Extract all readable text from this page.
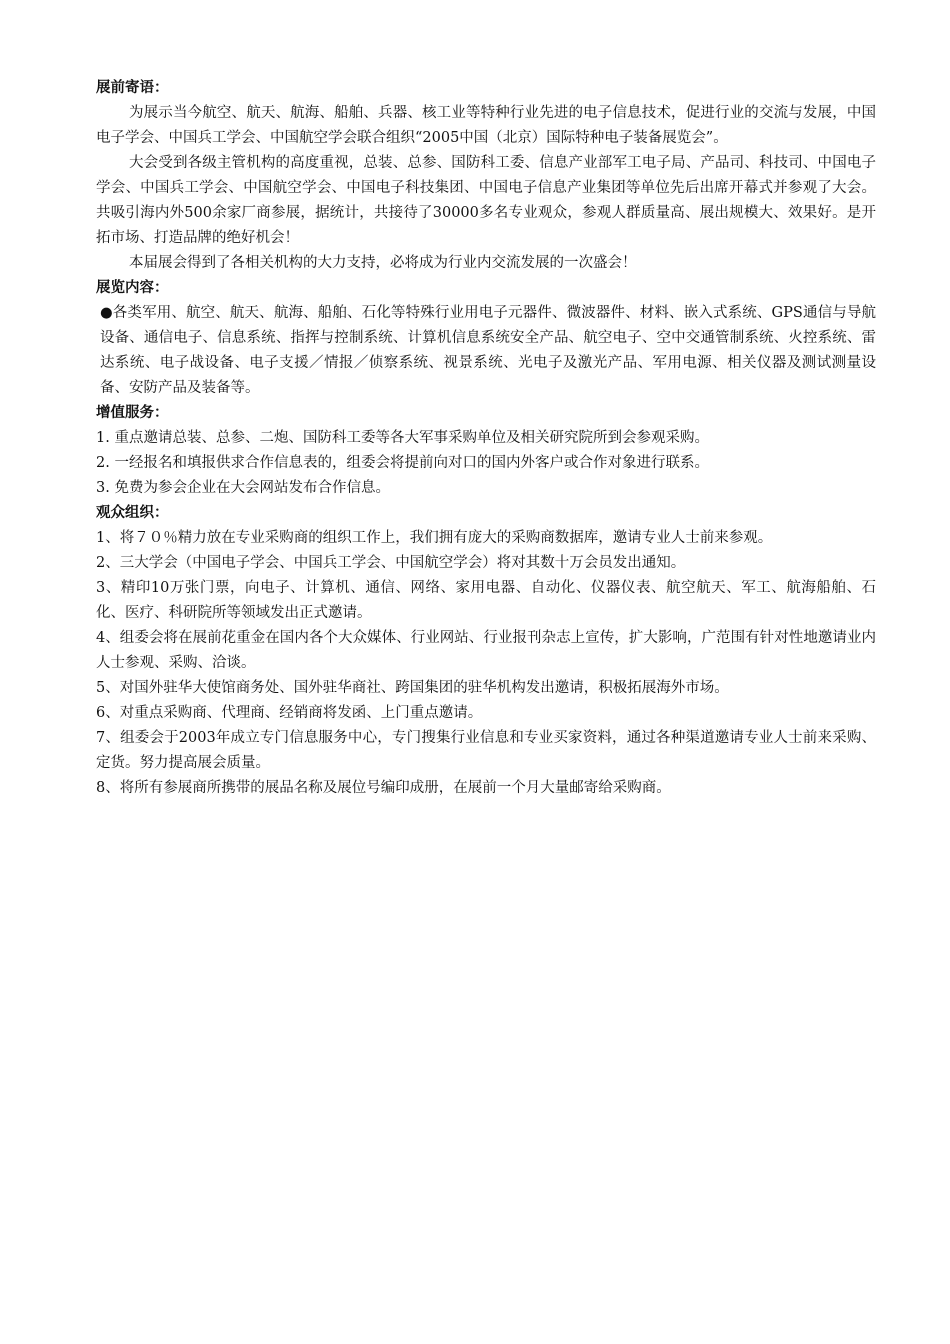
展前寄语：

为展示当今航空、航天、航海、船舶、兵器、核工业等特种行业先进的电子信息技术，促进行业的交流与发展，中国电子学会、中国兵工学会、中国航空学会联合组织“2005中国（北京）国际特种电子装备展览会”。

大会受到各级主管机构的高度重视，总装、总参、国防科工委、信息产业部军工电子局、产品司、科技司、中国电子学会、中国兵工学会、中国航空学会、中国电子科技集团、中国电子信息产业集团等单位先后出席开幕式并参观了大会。共吸引海内外500余家厂商参展，据统计，共接待了30000多名专业观众，参观人群质量高、展出规模大、效果好。是开拓市场、打造品牌的绝好机会！

本届展会得到了各相关机构的大力支持，必将成为行业内交流发展的一次盛会！

展览内容：

●各类军用、航空、航天、航海、船舶、石化等特殊行业用电子元器件、微波器件、材料、嵌入式系统、GPS通信与导航设备、通信电子、信息系统、指挥与控制系统、计算机信息系统安全产品、航空电子、空中交通管制系统、火控系统、雷达系统、电子战设备、电子支援／情报／侦察系统、视景系统、光电子及激光产品、军用电源、相关仪器及测试测量设备、安防产品及装备等。

增值服务：

1. 重点邀请总装、总参、二炮、国防科工委等各大军事采购单位及相关研究院所到会参观采购。

2. 一经报名和填报供求合作信息表的，组委会将提前向对口的国内外客户或合作对象进行联系。

3. 免费为参会企业在大会网站发布合作信息。

观众组织：

1、将７０％精力放在专业采购商的组织工作上，我们拥有庞大的采购商数据库，邀请专业人士前来参观。

2、三大学会（中国电子学会、中国兵工学会、中国航空学会）将对其数十万会员发出通知。

3、精印10万张门票，向电子、计算机、通信、网络、家用电器、自动化、仪器仪表、航空航天、军工、航海船舶、石化、医疗、科研院所等领域发出正式邀请。

4、组委会将在展前花重金在国内各个大众媒体、行业网站、行业报刊杂志上宣传，扩大影响，广范围有针对性地邀请业内人士参观、采购、洽谈。

5、对国外驻华大使馆商务处、国外驻华商社、跨国集团的驻华机构发出邀请，积极拓展海外市场。

6、对重点采购商、代理商、经销商将发函、上门重点邀请。

7、组委会于2003年成立专门信息服务中心，专门搜集行业信息和专业买家资料，通过各种渠道邀请专业人士前来采购、定货。努力提高展会质量。

8、将所有参展商所携带的展品名称及展位号编印成册，在展前一个月大量邮寄给采购商。
